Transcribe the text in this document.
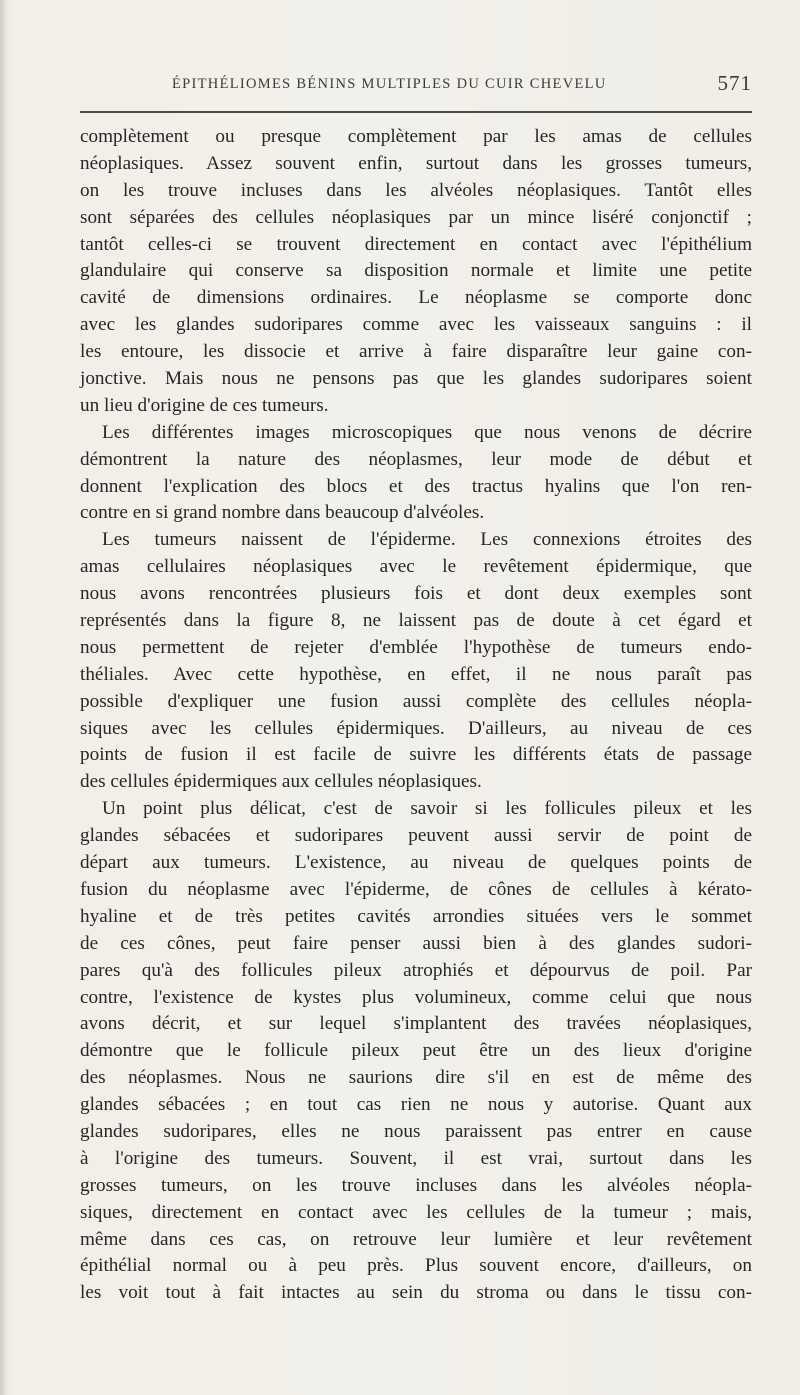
ÉPITHÉLIOMES BÉNINS MULTIPLES DU CUIR CHEVELU	571
complètement ou presque complètement par les amas de cellules
néoplasiques. Assez souvent enfin, surtout dans les grosses tumeurs,
on les trouve incluses dans les alvéoles néoplasiques. Tantôt elles
sont séparées des cellules néoplasiques par un mince liséré conjonctif ;
tantôt celles-ci se trouvent directement en contact avec l'épithélium
glandulaire qui conserve sa disposition normale et limite une petite
cavité de dimensions ordinaires. Le néoplasme se comporte donc
avec les glandes sudoripares comme avec les vaisseaux sanguins : il
les entoure, les dissocie et arrive à faire disparaître leur gaine con-
jonctive. Mais nous ne pensons pas que les glandes sudoripares soient
un lieu d'origine de ces tumeurs.
Les différentes images microscopiques que nous venons de décrire
démontrent la nature des néoplasmes, leur mode de début et
donnent l'explication des blocs et des tractus hyalins que l'on ren-
contre en si grand nombre dans beaucoup d'alvéoles.
Les tumeurs naissent de l'épiderme. Les connexions étroites des
amas cellulaires néoplasiques avec le revêtement épidermique, que
nous avons rencontrées plusieurs fois et dont deux exemples sont
représentés dans la figure 8, ne laissent pas de doute à cet égard et
nous permettent de rejeter d'emblée l'hypothèse de tumeurs endo-
théliales. Avec cette hypothèse, en effet, il ne nous paraît pas
possible d'expliquer une fusion aussi complète des cellules néopla-
siques avec les cellules épidermiques. D'ailleurs, au niveau de ces
points de fusion il est facile de suivre les différents états de passage
des cellules épidermiques aux cellules néoplasiques.
Un point plus délicat, c'est de savoir si les follicules pileux et les
glandes sébacées et sudoripares peuvent aussi servir de point de
départ aux tumeurs. L'existence, au niveau de quelques points de
fusion du néoplasme avec l'épiderme, de cônes de cellules à kérato-
hyaline et de très petites cavités arrondies situées vers le sommet
de ces cônes, peut faire penser aussi bien à des glandes sudori-
pares qu'à des follicules pileux atrophiés et dépourvus de poil. Par
contre, l'existence de kystes plus volumineux, comme celui que nous
avons décrit, et sur lequel s'implantent des travées néoplasiques,
démontre que le follicule pileux peut être un des lieux d'origine
des néoplasmes. Nous ne saurions dire s'il en est de même des
glandes sébacées ; en tout cas rien ne nous y autorise. Quant aux
glandes sudoripares, elles ne nous paraissent pas entrer en cause
à l'origine des tumeurs. Souvent, il est vrai, surtout dans les
grosses tumeurs, on les trouve incluses dans les alvéoles néopla-
siques, directement en contact avec les cellules de la tumeur ; mais,
même dans ces cas, on retrouve leur lumière et leur revêtement
épithélial normal ou à peu près. Plus souvent encore, d'ailleurs, on
les voit tout à fait intactes au sein du stroma ou dans le tissu con-
